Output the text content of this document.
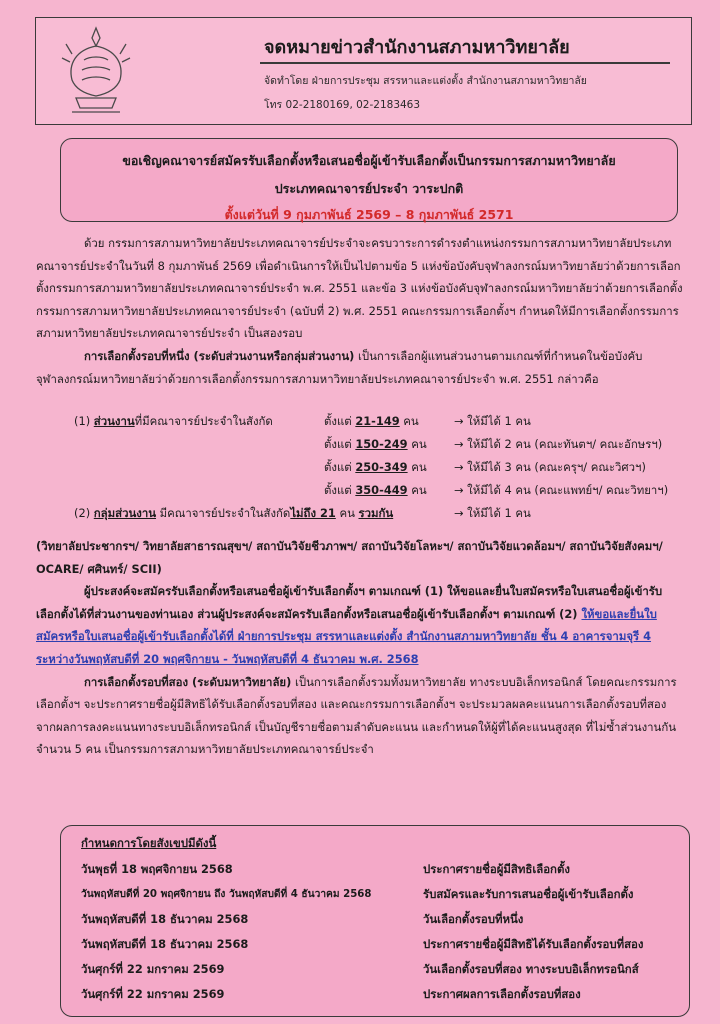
จดหมายข่าวสำนักงานสภามหาวิทยาลัย
จัดทำโดย ฝ่ายการประชุม สรรหาและแต่งตั้ง สำนักงานสภามหาวิทยาลัย
โทร 02-2180169, 02-2183463
ขอเชิญคณาจารย์สมัครรับเลือกตั้งหรือเสนอชื่อผู้เข้ารับเลือกตั้งเป็นกรรมการสภามหาวิทยาลัย
ประเภทคณาจารย์ประจำ วาระปกติ
ตั้งแต่วันที่ 9 กุมภาพันธ์ 2569 – 8 กุมภาพันธ์ 2571

ด้วย กรรมการสภามหาวิทยาลัยประเภทคณาจารย์ประจำจะครบวาระการดำรงตำแหน่งกรรมการสภามหาวิทยาลัยประเภทคณาจารย์ประจำในวันที่ 8 กุมภาพันธ์ 2569 เพื่อดำเนินการให้เป็นไปตามข้อ 5 แห่งข้อบังคับจุฬาลงกรณ์มหาวิทยาลัยว่าด้วยการเลือกตั้งกรรมการสภามหาวิทยาลัยประเภทคณาจารย์ประจำ พ.ศ. 2551 และข้อ 3 แห่งข้อบังคับจุฬาลงกรณ์มหาวิทยาลัยว่าด้วยการเลือกตั้งกรรมการสภามหาวิทยาลัยประเภทคณาจารย์ประจำ (ฉบับที่ 2) พ.ศ. 2551 คณะกรรมการเลือกตั้งฯ กำหนดให้มีการเลือกตั้งกรรมการสภามหาวิทยาลัยประเภทคณาจารย์ประจำ เป็นสองรอบ

การเลือกตั้งรอบที่หนึ่ง (ระดับส่วนงานหรือกลุ่มส่วนงาน) เป็นการเลือกผู้แทนส่วนงานตามเกณฑ์ที่กำหนดในข้อบังคับจุฬาลงกรณ์มหาวิทยาลัยว่าด้วยการเลือกตั้งกรรมการสภามหาวิทยาลัยประเภทคณาจารย์ประจำ พ.ศ. 2551 กล่าวคือ

(1) ส่วนงานที่มีคณาจารย์ประจำในสังกัด	ตั้งแต่ 21-149 คน	→ ให้มีได้ 1 คน
ตั้งแต่ 150-249 คน → ให้มีได้ 2 คน (คณะทันตฯ/ คณะอักษรฯ)
ตั้งแต่ 250-349 คน → ให้มีได้ 3 คน (คณะครุฯ/ คณะวิศวฯ)
ตั้งแต่ 350-449 คน → ให้มีได้ 4 คน (คณะแพทย์ฯ/ คณะวิทยาฯ)
(2) กลุ่มส่วนงาน มีคณาจารย์ประจำในสังกัดไม่ถึง 21 คน รวมกัน	→ ให้มีได้ 1 คน

(วิทยาลัยประชากรฯ/ วิทยาลัยสาธารณสุขฯ/ สถาบันวิจัยชีวภาพฯ/ สถาบันวิจัยโลหะฯ/ สถาบันวิจัยแวดล้อมฯ/ สถาบันวิจัยสังคมฯ/ OCARE/ ศศินทร์/ SCII)

ผู้ประสงค์จะสมัครรับเลือกตั้งหรือเสนอชื่อผู้เข้ารับเลือกตั้งฯ ตามเกณฑ์ (1) ให้ขอและยื่นใบสมัครหรือใบเสนอชื่อผู้เข้ารับเลือกตั้งได้ที่ส่วนงานของท่านเอง ส่วนผู้ประสงค์จะสมัครรับเลือกตั้งหรือเสนอชื่อผู้เข้ารับเลือกตั้งฯ ตามเกณฑ์ (2) ให้ขอและยื่นใบสมัครหรือใบเสนอชื่อผู้เข้ารับเลือกตั้งได้ที่ ฝ่ายการประชุม สรรหาและแต่งตั้ง สำนักงานสภามหาวิทยาลัย ชั้น 4 อาคารจามจุรี 4 ระหว่างวันพฤหัสบดีที่ 20 พฤศจิกายน - วันพฤหัสบดีที่ 4 ธันวาคม พ.ศ. 2568

การเลือกตั้งรอบที่สอง (ระดับมหาวิทยาลัย) เป็นการเลือกตั้งรวมทั้งมหาวิทยาลัย ทางระบบอิเล็กทรอนิกส์ โดยคณะกรรมการเลือกตั้งฯ จะประกาศรายชื่อผู้มีสิทธิได้รับเลือกตั้งรอบที่สอง และคณะกรรมการเลือกตั้งฯ จะประมวลผลคะแนนการเลือกตั้งรอบที่สองจากผลการลงคะแนนทางระบบอิเล็กทรอนิกส์ เป็นบัญชีรายชื่อตามลำดับคะแนน และกำหนดให้ผู้ที่ได้คะแนนสูงสุด ที่ไม่ซ้ำส่วนงานกัน จำนวน 5 คน เป็นกรรมการสภามหาวิทยาลัยประเภทคณาจารย์ประจำ

กำหนดการโดยสังเขปมีดังนี้
วันพุธที่ 18 พฤศจิกายน 2568	ประกาศรายชื่อผู้มีสิทธิเลือกตั้ง
วันพฤหัสบดีที่ 20 พฤศจิกายน ถึง วันพฤหัสบดีที่ 4 ธันวาคม 2568	รับสมัครและรับการเสนอชื่อผู้เข้ารับเลือกตั้ง
วันพฤหัสบดีที่ 18 ธันวาคม 2568	วันเลือกตั้งรอบที่หนึ่ง
วันพฤหัสบดีที่ 18 ธันวาคม 2568	ประกาศรายชื่อผู้มีสิทธิได้รับเลือกตั้งรอบที่สอง
วันศุกร์ที่ 22 มกราคม 2569	วันเลือกตั้งรอบที่สอง ทางระบบอิเล็กทรอนิกส์
วันศุกร์ที่ 22 มกราคม 2569	ประกาศผลการเลือกตั้งรอบที่สอง
